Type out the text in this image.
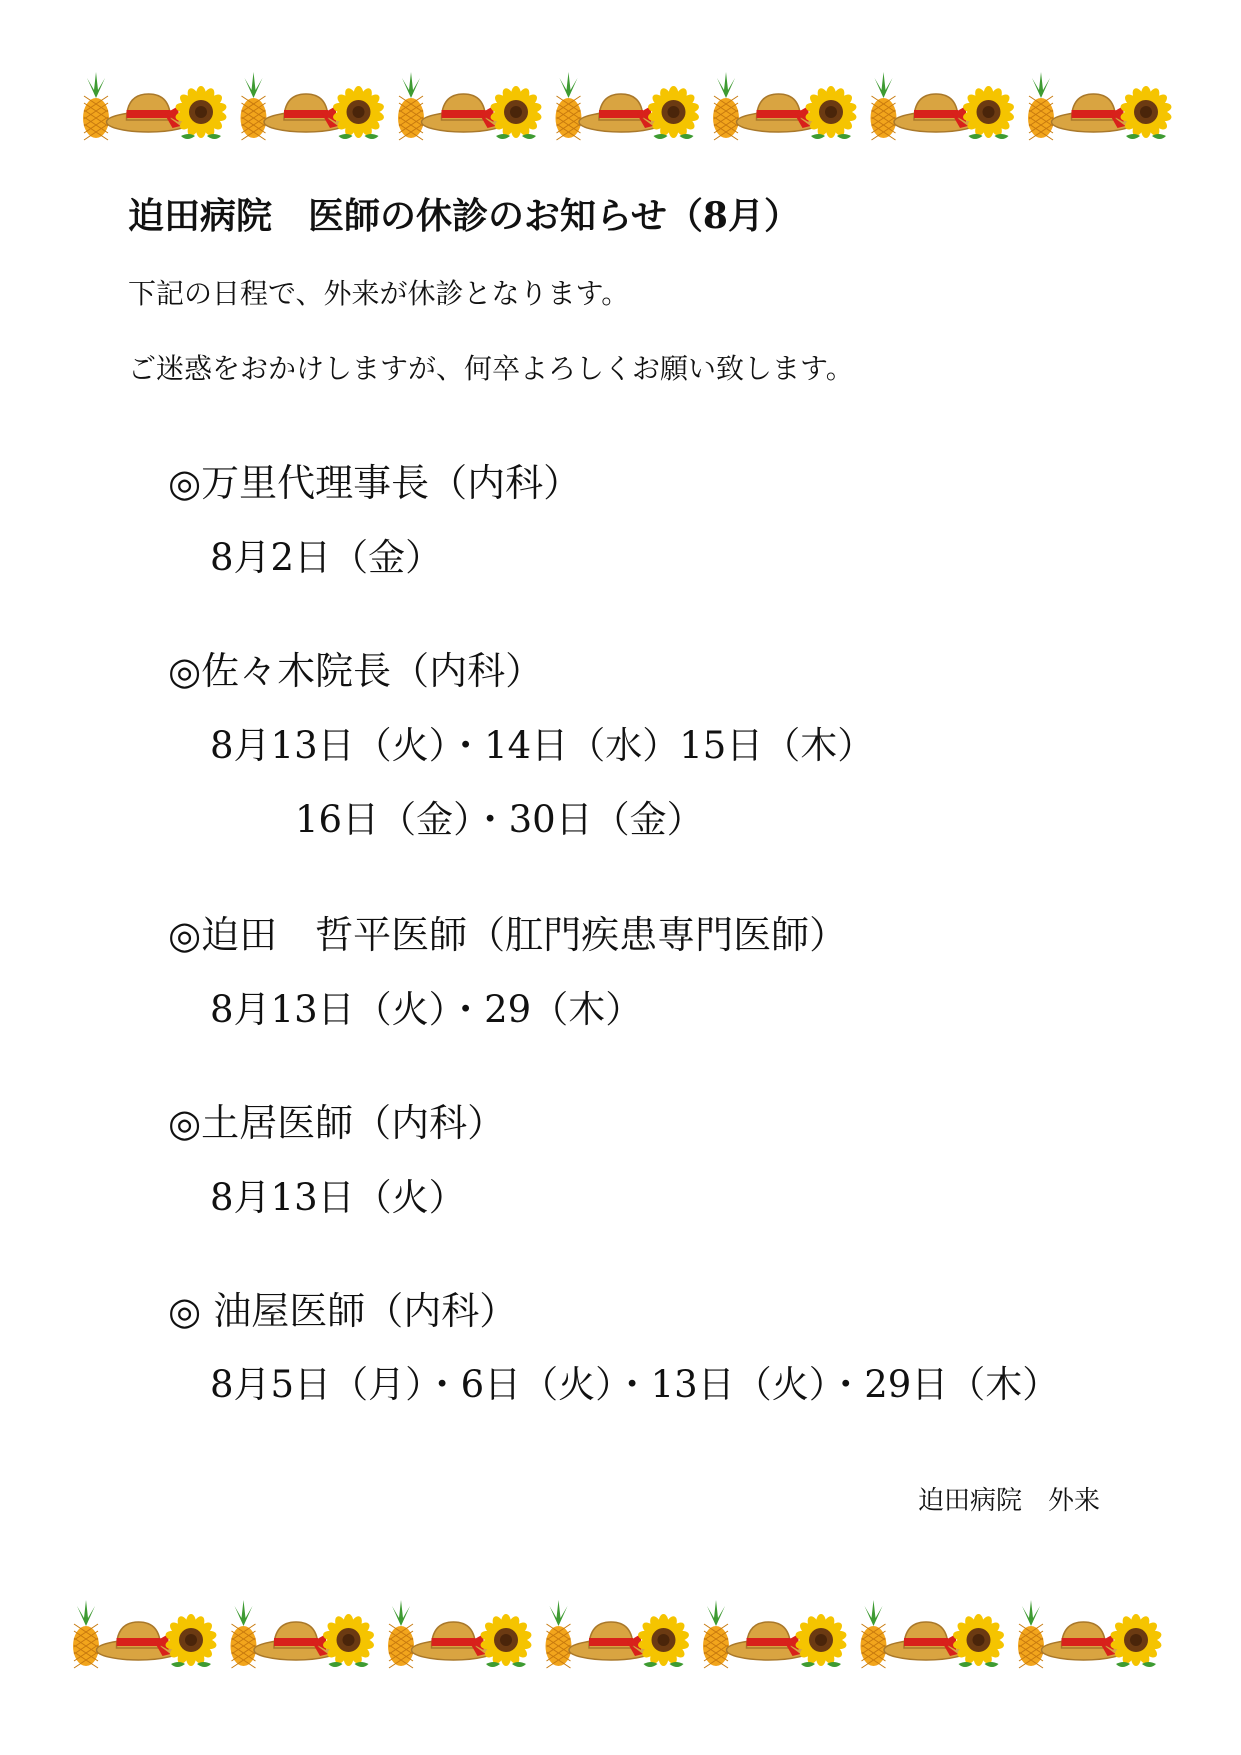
迫田病院　医師の休診のお知らせ（8月）
下記の日程で、外来が休診となります。
ご迷惑をおかけしますが、何卒よろしくお願い致します。
◎万里代理事長（内科）
8月2日（金）
◎佐々木院長（内科）
8月13日（火）・14日（水）15日（木）
16日（金）・30日（金）
◎迫田　哲平医師（肛門疾患専門医師）
8月13日（火）・29（木）
◎土居医師（内科）
8月13日（火）
◎ 油屋医師（内科）
8月5日（月）・6日（火）・13日（火）・29日（木）
迫田病院　外来
